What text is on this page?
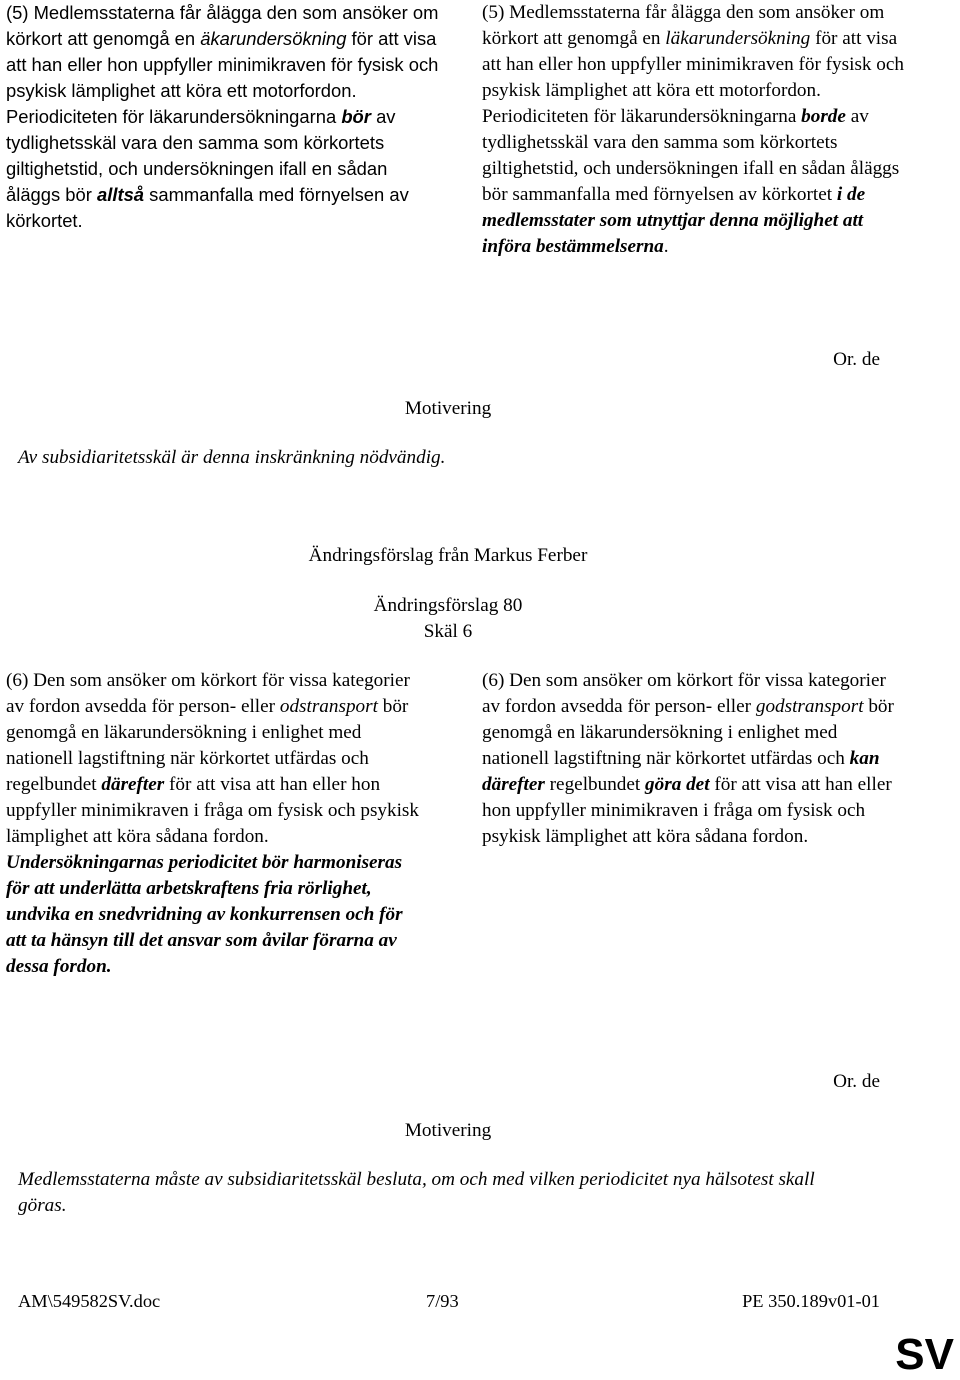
(5) Medlemsstaterna får ålägga den som ansöker om körkort att genomgå en äkarundersökning för att visa att han eller hon uppfyller minimikraven för fysisk och psykisk lämplighet att köra ett motorfordon. Periodiciteten för läkarundersökningarna bör av tydlighetsskäl vara den samma som körkortets giltighetstid, och undersökningen ifall en sådan åläggs bör alltså sammanfalla med förnyelsen av körkortet.
(5) Medlemsstaterna får ålägga den som ansöker om körkort att genomgå en läkarundersökning för att visa att han eller hon uppfyller minimikraven för fysisk och psykisk lämplighet att köra ett motorfordon. Periodiciteten för läkarundersökningarna borde av tydlighetsskäl vara den samma som körkortets giltighetstid, och undersökningen ifall en sådan åläggs bör sammanfalla med förnyelsen av körkortet i de medlemsstater som utnyttjar denna möjlighet att införa bestämmelserna.
Or. de
Motivering
Av subsidiaritetsskäl är denna inskränkning nödvändig.
Ändringsförslag från Markus Ferber
Ändringsförslag 80
Skäl 6
(6) Den som ansöker om körkort för vissa kategorier av fordon avsedda för person- eller odstransport bör genomgå en läkarundersökning i enlighet med nationell lagstiftning när körkortet utfärdas och regelbundet därefter för att visa att han eller hon uppfyller minimikraven i fråga om fysisk och psykisk lämplighet att köra sådana fordon. Undersökningarnas periodicitet bör harmoniseras för att underlätta arbetskraftens fria rörlighet, undvika en snedvridning av konkurrensen och för att ta hänsyn till det ansvar som åvilar förarna av dessa fordon.
(6) Den som ansöker om körkort för vissa kategorier av fordon avsedda för person- eller godstransport bör genomgå en läkarundersökning i enlighet med nationell lagstiftning när körkortet utfärdas och kan därefter regelbundet göra det för att visa att han eller hon uppfyller minimikraven i fråga om fysisk och psykisk lämplighet att köra sådana fordon.
Or. de
Motivering
Medlemsstaterna måste av subsidiaritetsskäl besluta, om och med vilken periodicitet nya hälsotest skall göras.
AM\549582SV.doc	7/93	PE 350.189v01-01
SV
